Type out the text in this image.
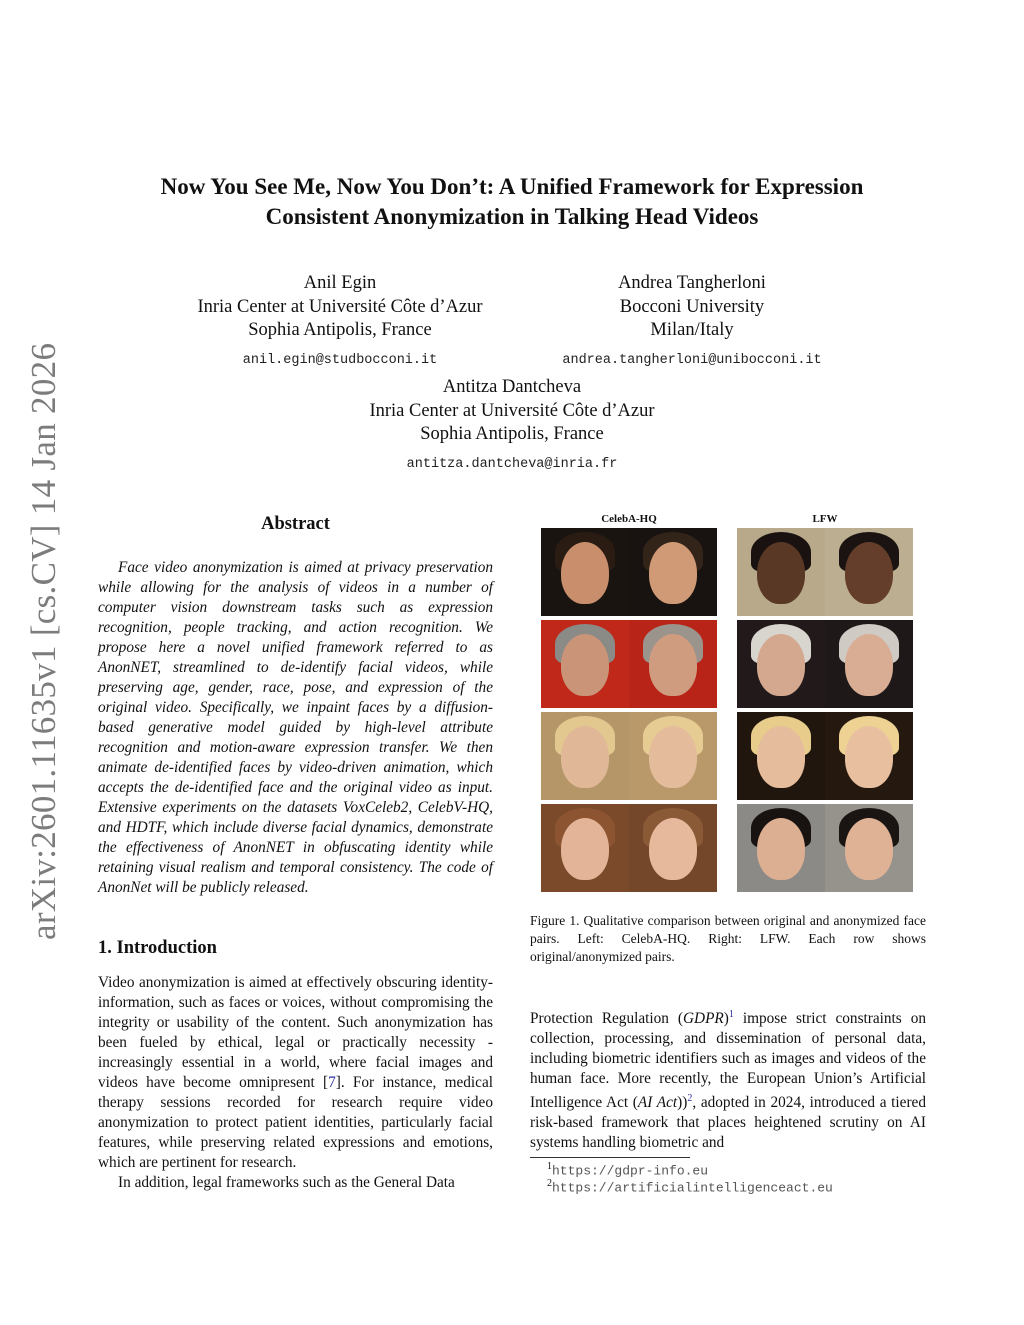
arXiv:2601.11635v1 [cs.CV] 14 Jan 2026
Now You See Me, Now You Don’t: A Unified Framework for Expression
Consistent Anonymization in Talking Head Videos
Anil Egin
Inria Center at Université Côte d’Azur
Sophia Antipolis, France
anil.egin@studbocconi.it
Andrea Tangherloni
Bocconi University
Milan/Italy
andrea.tangherloni@unibocconi.it
Antitza Dantcheva
Inria Center at Université Côte d’Azur
Sophia Antipolis, France
antitza.dantcheva@inria.fr
Abstract
Face video anonymization is aimed at privacy preservation while allowing for the analysis of videos in a number of computer vision downstream tasks such as expression recognition, people tracking, and action recognition. We propose here a novel unified framework referred to as AnonNET, streamlined to de-identify facial videos, while preserving age, gender, race, pose, and expression of the original video. Specifically, we inpaint faces by a diffusion-based generative model guided by high-level attribute recognition and motion-aware expression transfer. We then animate de-identified faces by video-driven animation, which accepts the de-identified face and the original video as input. Extensive experiments on the datasets VoxCeleb2, CelebV-HQ, and HDTF, which include diverse facial dynamics, demonstrate the effectiveness of AnonNET in obfuscating identity while retaining visual realism and temporal consistency. The code of AnonNet will be publicly released.
1. Introduction

Video anonymization is aimed at effectively obscuring identity-information, such as faces or voices, without compromising the integrity or usability of the content. Such anonymization has been fueled by ethical, legal or practically necessity - increasingly essential in a world, where facial images and videos have become omnipresent [7]. For instance, medical therapy sessions recorded for research require video anonymization to protect patient identities, particularly facial features, while preserving related expressions and emotions, which are pertinent for research.

In addition, legal frameworks such as the General Data

CelebA-HQ	LFW
Figure 1. Qualitative comparison between original and anonymized face pairs. Left: CelebA-HQ. Right: LFW. Each row shows original/anonymized pairs.
Protection Regulation (GDPR)$^1$ impose strict constraints on collection, processing, and dissemination of personal data, including biometric identifiers such as images and videos of the human face. More recently, the European Union’s Artificial Intelligence Act (AI Act))$^2$, adopted in 2024, introduced a tiered risk-based framework that places heightened scrutiny on AI systems handling biometric and
$^1$https://gdpr-info.eu
$^2$https://artificialintelligenceact.eu
